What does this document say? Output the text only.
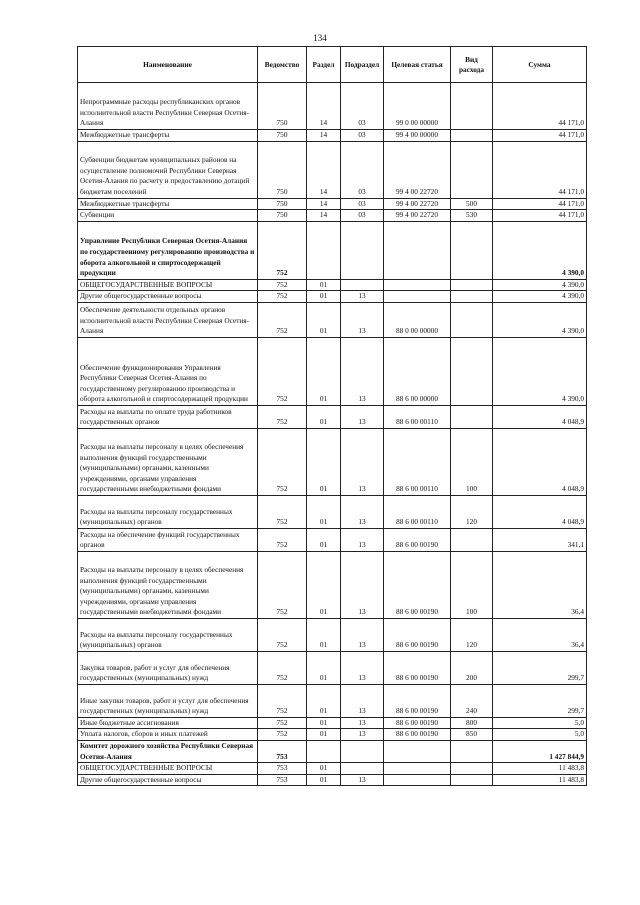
134
Наименование	Ведомство	Раздел	Подраздел	Целевая статья	Вид расхода	Сумма
Непрограммные расходы республиканских органов исполнительной власти Республики Северная Осетия-Алания	750	14	03	99 0 00 00000		44 171,0
Межбюджетные трансферты	750	14	03	99 4 00 00000		44 171,0
Субвенции бюджетам муниципальных районов на осуществление полномочий Республики Северная Осетия-Алания по расчету и предоставлению дотаций бюджетам поселений	750	14	03	99 4 00 22720		44 171,0
Межбюджетные трансферты	750	14	03	99 4 00 22720	500	44 171,0
Субвенции	750	14	03	99 4 00 22720	530	44 171,0
Управление Республики Северная Осетия-Алания по государственному регулированию производства и оборота алкогольной и спиртосодержащей продукции	752					4 390,0
ОБЩЕГОСУДАРСТВЕННЫЕ ВОПРОСЫ	752	01				4 390,0
Другие общегосударственные вопросы	752	01	13			4 390,0
Обеспечение деятельности отдельных органов исполнительной власти Республики Северная Осетия-Алания	752	01	13	88 0 00 00000		4 390,0
Обеспечение функционирования Управления Республики Северная Осетия-Алания по государственному регулированию производства и оборота алкогольной и спиртосодержащей продукции	752	01	13	88 6 00 00000		4 390,0
Расходы на выплаты по оплате труда работников государственных органов	752	01	13	88 6 00 00110		4 048,9
Расходы на выплаты персоналу в целях обеспечения выполнения функций государственными (муниципальными) органами, казенными учреждениями, органами управления государственными внебюджетными фондами	752	01	13	88 6 00 00110	100	4 048,9
Расходы на выплаты персоналу государственных (муниципальных) органов	752	01	13	88 6 00 00110	120	4 048,9
Расходы на обеспечение функций государственных органов	752	01	13	88 6 00 00190		341,1
Расходы на выплаты персоналу в целях обеспечения выполнения функций государственными (муниципальными) органами, казенными учреждениями, органами управления государственными внебюджетными фондами	752	01	13	88 6 00 00190	100	36,4
Расходы на выплаты персоналу государственных (муниципальных) органов	752	01	13	88 6 00 00190	120	36,4
Закупка товаров, работ и услуг для обеспечения государственных (муниципальных) нужд	752	01	13	88 6 00 00190	200	299,7
Иные закупки товаров, работ и услуг для обеспечения государственных (муниципальных) нужд	752	01	13	88 6 00 00190	240	299,7
Иные бюджетные ассигнования	752	01	13	88 6 00 00190	800	5,0
Уплата налогов, сборов и иных платежей	752	01	13	88 6 00 00190	850	5,0
Комитет дорожного хозяйства Республики Северная Осетия-Алания	753					1 427 844,9
ОБЩЕГОСУДАРСТВЕННЫЕ ВОПРОСЫ	753	01				11 483,8
Другие общегосударственные вопросы	753	01	13			11 483,8
